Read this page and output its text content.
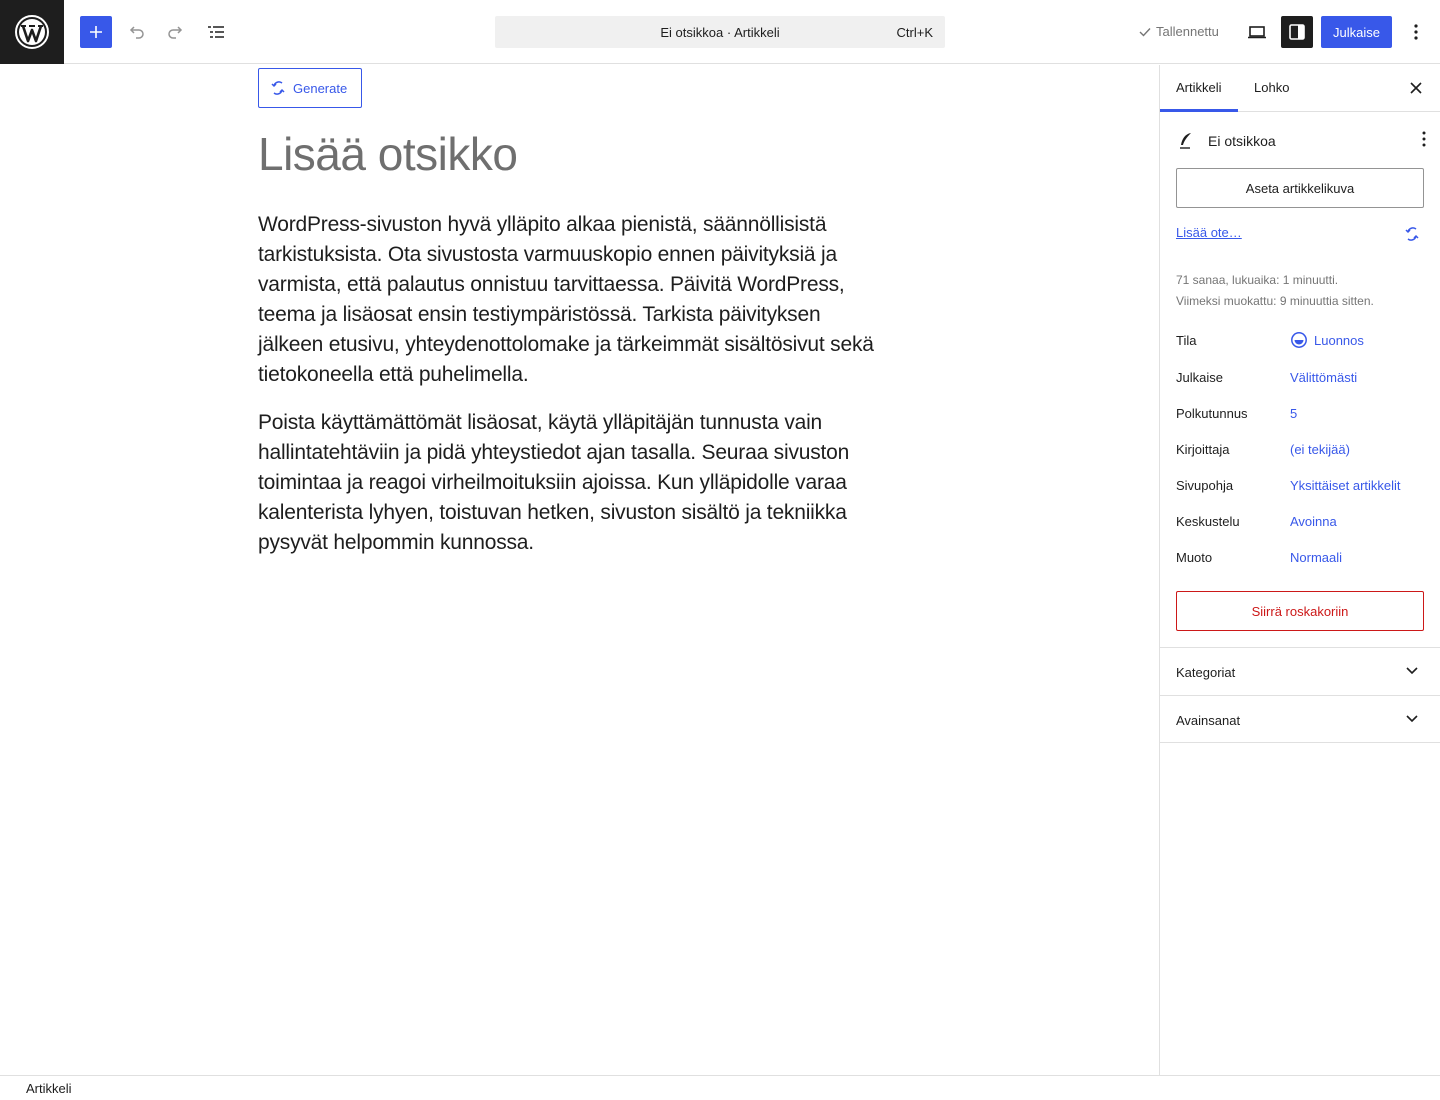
Ei otsikkoa · Artikkeli	Ctrl+K	Tallennettu	Julkaise
Generate
Lisää otsikko

WordPress-sivuston hyvä ylläpito alkaa pienistä, säännöllisistä tarkistuksista. Ota sivustosta varmuuskopio ennen päivityksiä ja varmista, että palautus onnistuu tarvittaessa. Päivitä WordPress, teema ja lisäosat ensin testiympäristössä. Tarkista päivityksen jälkeen etusivu, yhteydenottolomake ja tärkeimmät sisältösivut sekä tietokoneella että puhelimella.

Poista käyttämättömät lisäosat, käytä ylläpitäjän tunnusta vain hallintatehtäviin ja pidä yhteystiedot ajan tasalla. Seuraa sivuston toimintaa ja reagoi virheilmoituksiin ajoissa. Kun ylläpidolle varaa kalenterista lyhyen, toistuvan hetken, sivuston sisältö ja tekniikka pysyvät helpommin kunnossa.

Artikkeli Lohko
Ei otsikkoa
Aseta artikkelikuva
Lisää ote…
71 sanaa, lukuaika: 1 minuutti.
Viimeksi muokattu: 9 minuuttia sitten.
Tila	Luonnos
Julkaise	Välittömästi
Polkutunnus	5
Kirjoittaja	(ei tekijää)
Sivupohja	Yksittäiset artikkelit
Keskustelu	Avoinna
Muoto	Normaali
Siirrä roskakoriin
Kategoriat
Avainsanat
Artikkeli
